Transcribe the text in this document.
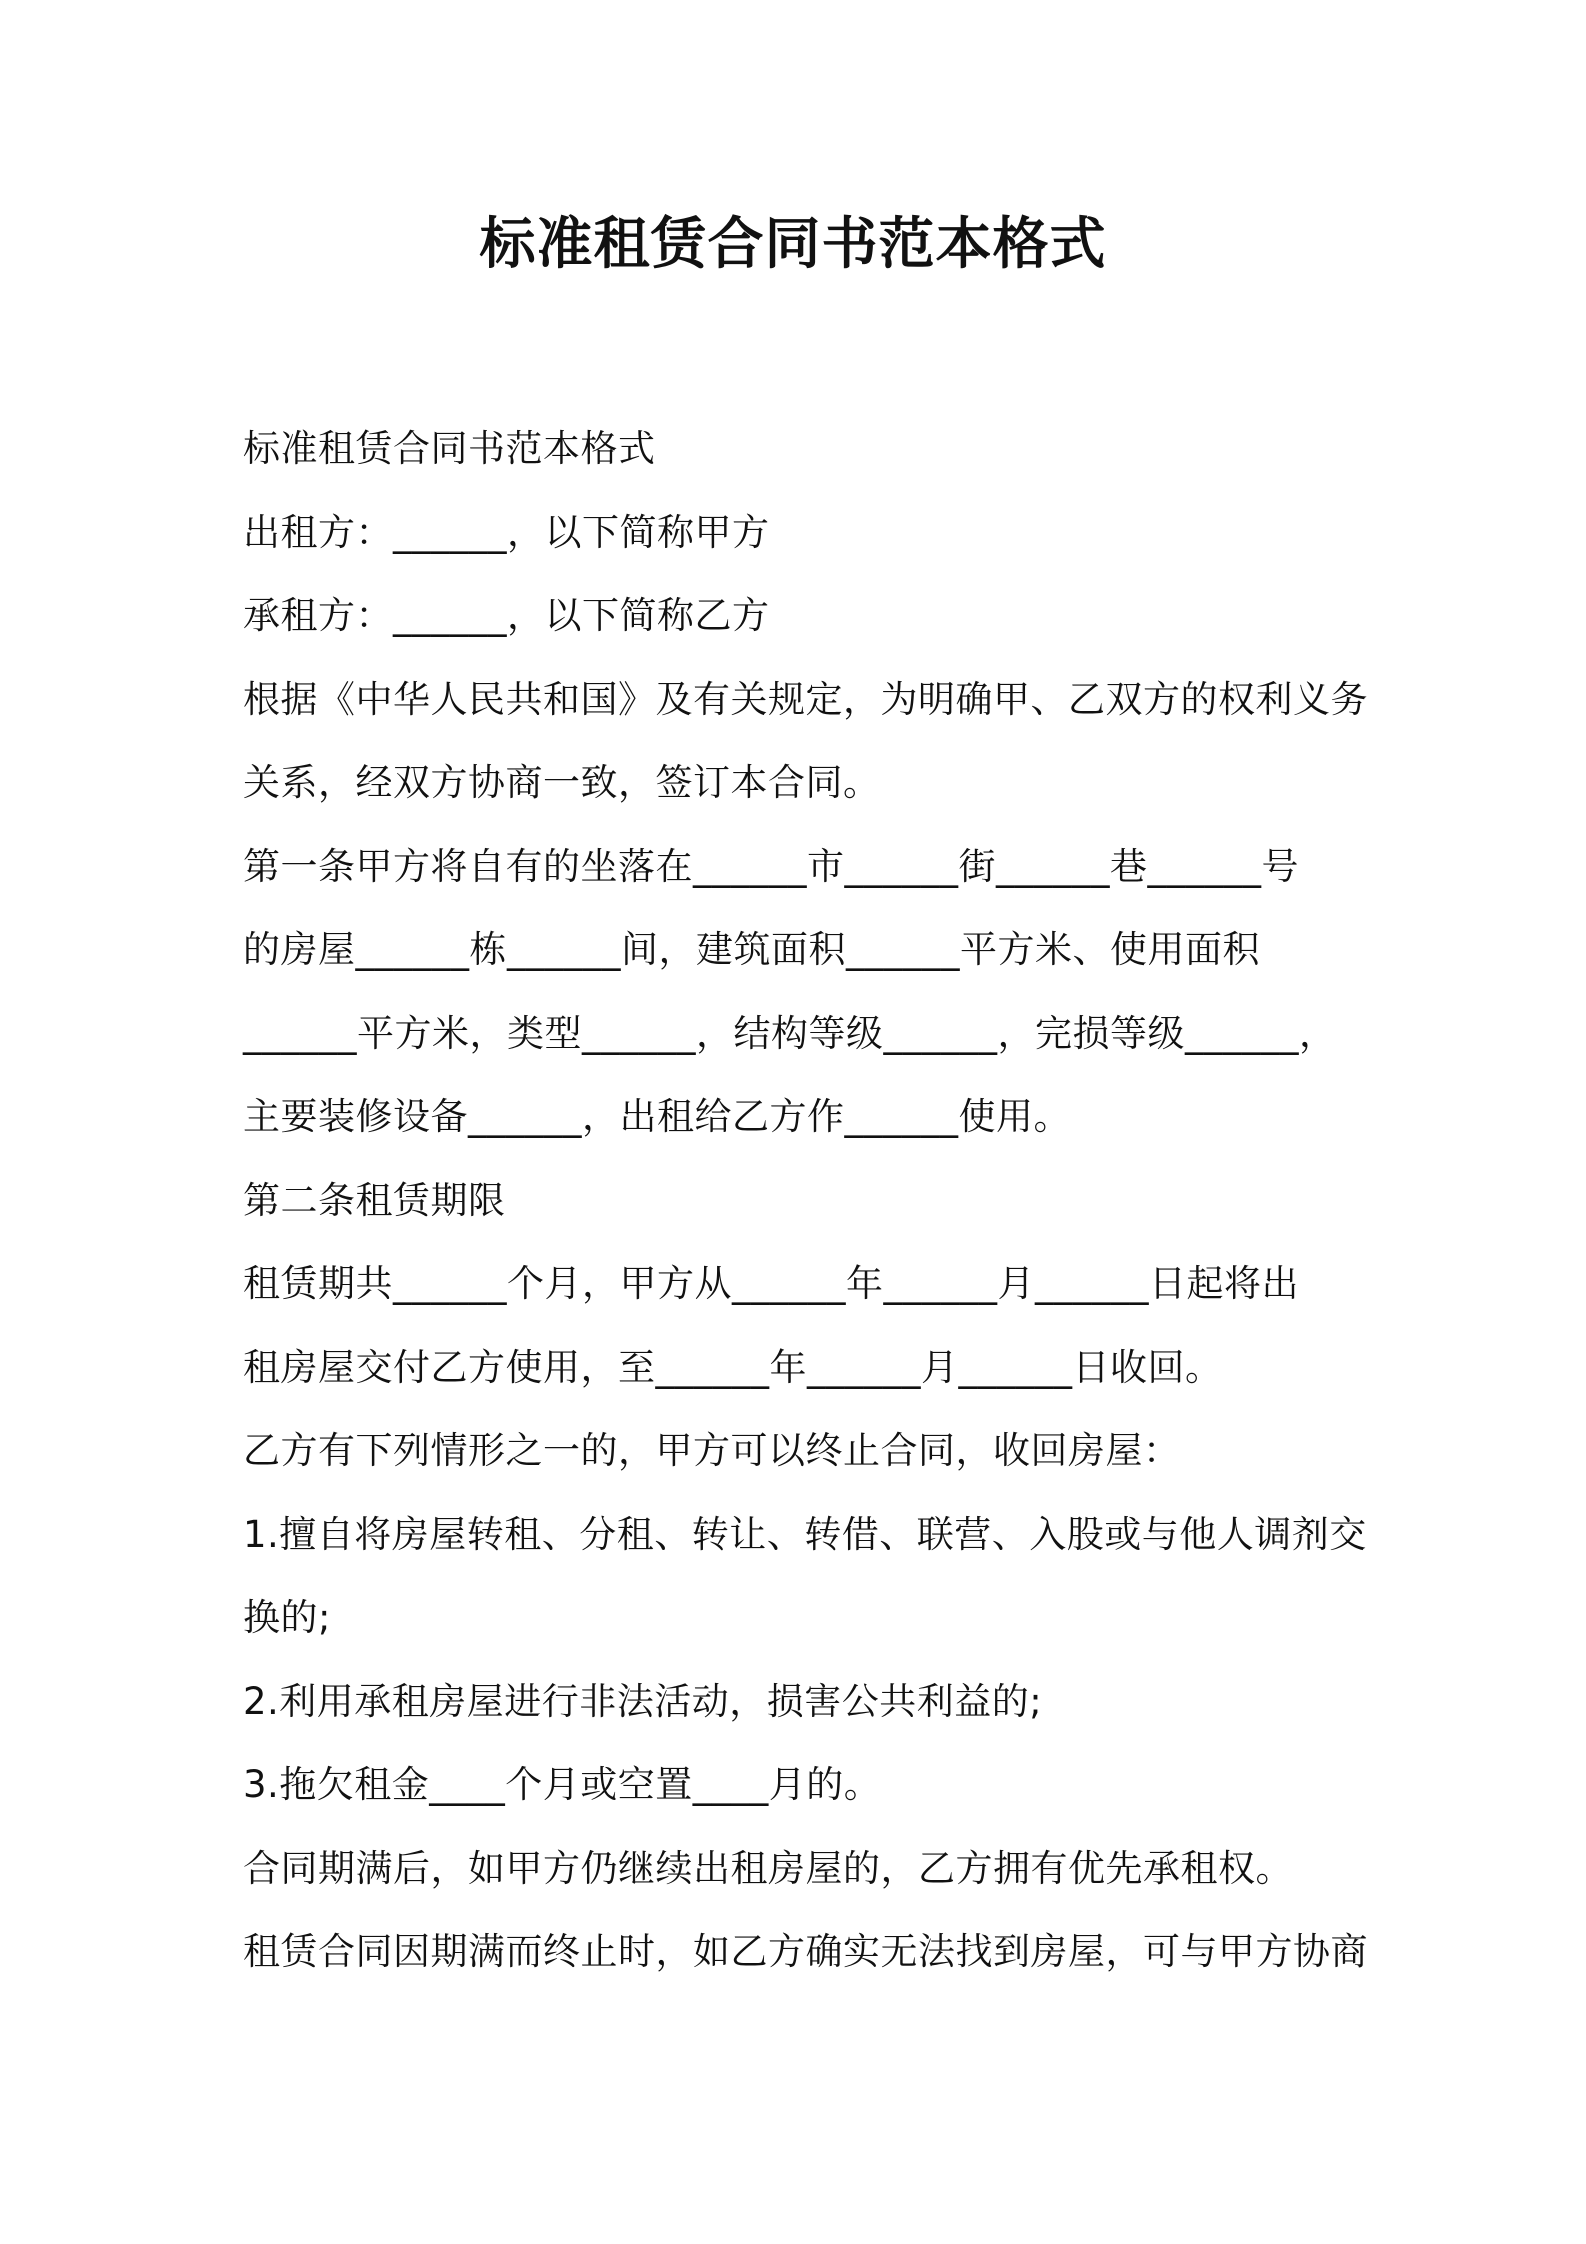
标准租赁合同书范本格式
标准租赁合同书范本格式
出租方：______，以下简称甲方
承租方：______，以下简称乙方
根据《中华人民共和国》及有关规定，为明确甲、乙双方的权利义务
关系，经双方协商一致，签订本合同。
第一条甲方将自有的坐落在______市______街______巷______号
的房屋______栋______间，建筑面积______平方米、使用面积
______平方米，类型______，结构等级______，完损等级______，
主要装修设备______，出租给乙方作______使用。
第二条租赁期限
租赁期共______个月，甲方从______年______月______日起将出
租房屋交付乙方使用，至______年______月______日收回。
乙方有下列情形之一的，甲方可以终止合同，收回房屋：
1.擅自将房屋转租、分租、转让、转借、联营、入股或与他人调剂交
换的;
2.利用承租房屋进行非法活动，损害公共利益的;
3.拖欠租金____个月或空置____月的。
合同期满后，如甲方仍继续出租房屋的，乙方拥有优先承租权。
租赁合同因期满而终止时，如乙方确实无法找到房屋，可与甲方协商
